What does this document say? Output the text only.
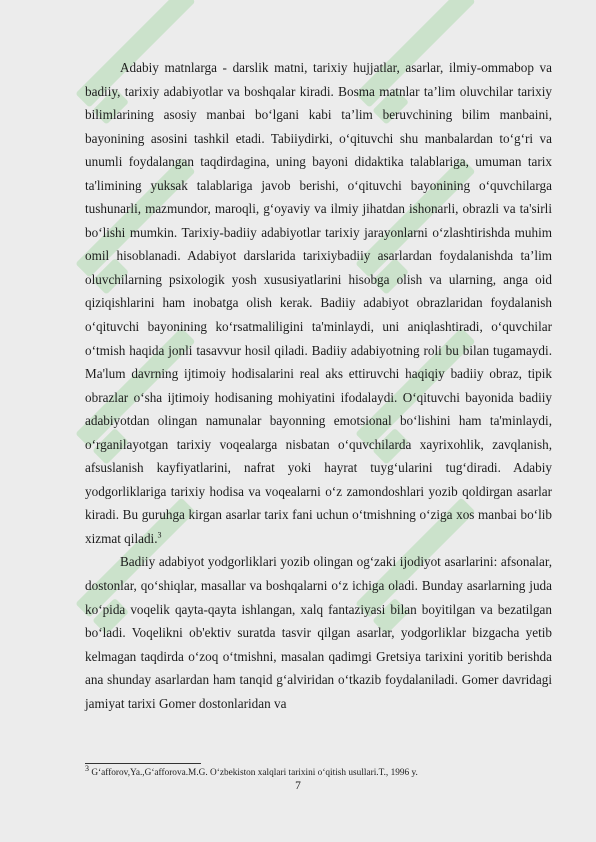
Adabiy matnlarga - darslik matni, tarixiy hujjatlar, asarlar, ilmiy-ommabop va badiiy, tarixiy adabiyotlar va boshqalar kiradi. Bosma matnlar ta’lim oluvchilar tarixiy bilimlarining asosiy manbai bo‘lgani kabi ta’lim beruvchining bilim manbaini, bayonining asosini tashkil etadi. Tabiiydirki, o‘qituvchi shu manbalardan to‘g‘ri va unumli foydalangan taqdirdagina, uning bayoni didaktika talablariga, umuman tarix ta'limining yuksak talablariga javob berishi, o‘qituvchi bayonining o‘quvchilarga tushunarli, mazmundor, maroqli, g‘oyaviy va ilmiy jihatdan ishonarli, obrazli va ta'sirli bo‘lishi mumkin. Tarixiy-badiiy adabiyotlar tarixiy jarayonlarni o‘zlashtirishda muhim omil hisoblanadi. Adabiyot darslarida tarixiybadiiy asarlardan foydalanishda ta’lim oluvchilarning psixologik yosh xususiyatlarini hisobga olish va ularning, anga oid qiziqishlarini ham inobatga olish kerak. Badiiy adabiyot obrazlaridan foydalanish o‘qituvchi bayonining ko‘rsatmaliligini ta'minlaydi, uni aniqlashtiradi, o‘quvchilar o‘tmish haqida jonli tasavvur hosil qiladi. Badiiy adabiyotning roli bu bilan tugamaydi. Ma'lum davrning ijtimoiy hodisalarini real aks ettiruvchi haqiqiy badiiy obraz, tipik obrazlar o‘sha ijtimoiy hodisaning mohiyatini ifodalaydi. O‘qituvchi bayonida badiiy adabiyotdan olingan namunalar bayonning emotsional bo‘lishini ham ta'minlaydi, o‘rganilayotgan tarixiy voqealarga nisbatan o‘quvchilarda xayrixohlik, zavqlanish, afsuslanish kayfiyatlarini, nafrat yoki hayrat tuyg‘ularini tug‘diradi. Adabiy yodgorliklariga tarixiy hodisa va voqealarni o‘z zamondoshlari yozib qoldirgan asarlar kiradi. Bu guruhga kirgan asarlar tarix fani uchun o‘tmishning o‘ziga xos manbai bo‘lib xizmat qiladi.$^3$

Badiiy adabiyot yodgorliklari yozib olingan og‘zaki ijodiyot asarlarini: afsonalar, dostonlar, qo‘shiqlar, masallar va boshqalarni o‘z ichiga oladi. Bunday asarlarning juda ko‘pida voqelik qayta-qayta ishlangan, xalq fantaziyasi bilan boyitilgan va bezatilgan bo‘ladi. Voqelikni ob'ektiv suratda tasvir qilgan asarlar, yodgorliklar bizgacha yetib kelmagan taqdirda o‘zoq o‘tmishni, masalan qadimgi Gretsiya tarixini yoritib berishda ana shunday asarlardan ham tanqid g‘alviridan o‘tkazib foydalaniladi. Gomer davridagi jamiyat tarixi Gomer dostonlaridan va

$^3$ G‘afforov,Ya.,G‘afforova.M.G. O‘zbekiston xalqlari tarixini o‘qitish usullari.T., 1996 y.
7
